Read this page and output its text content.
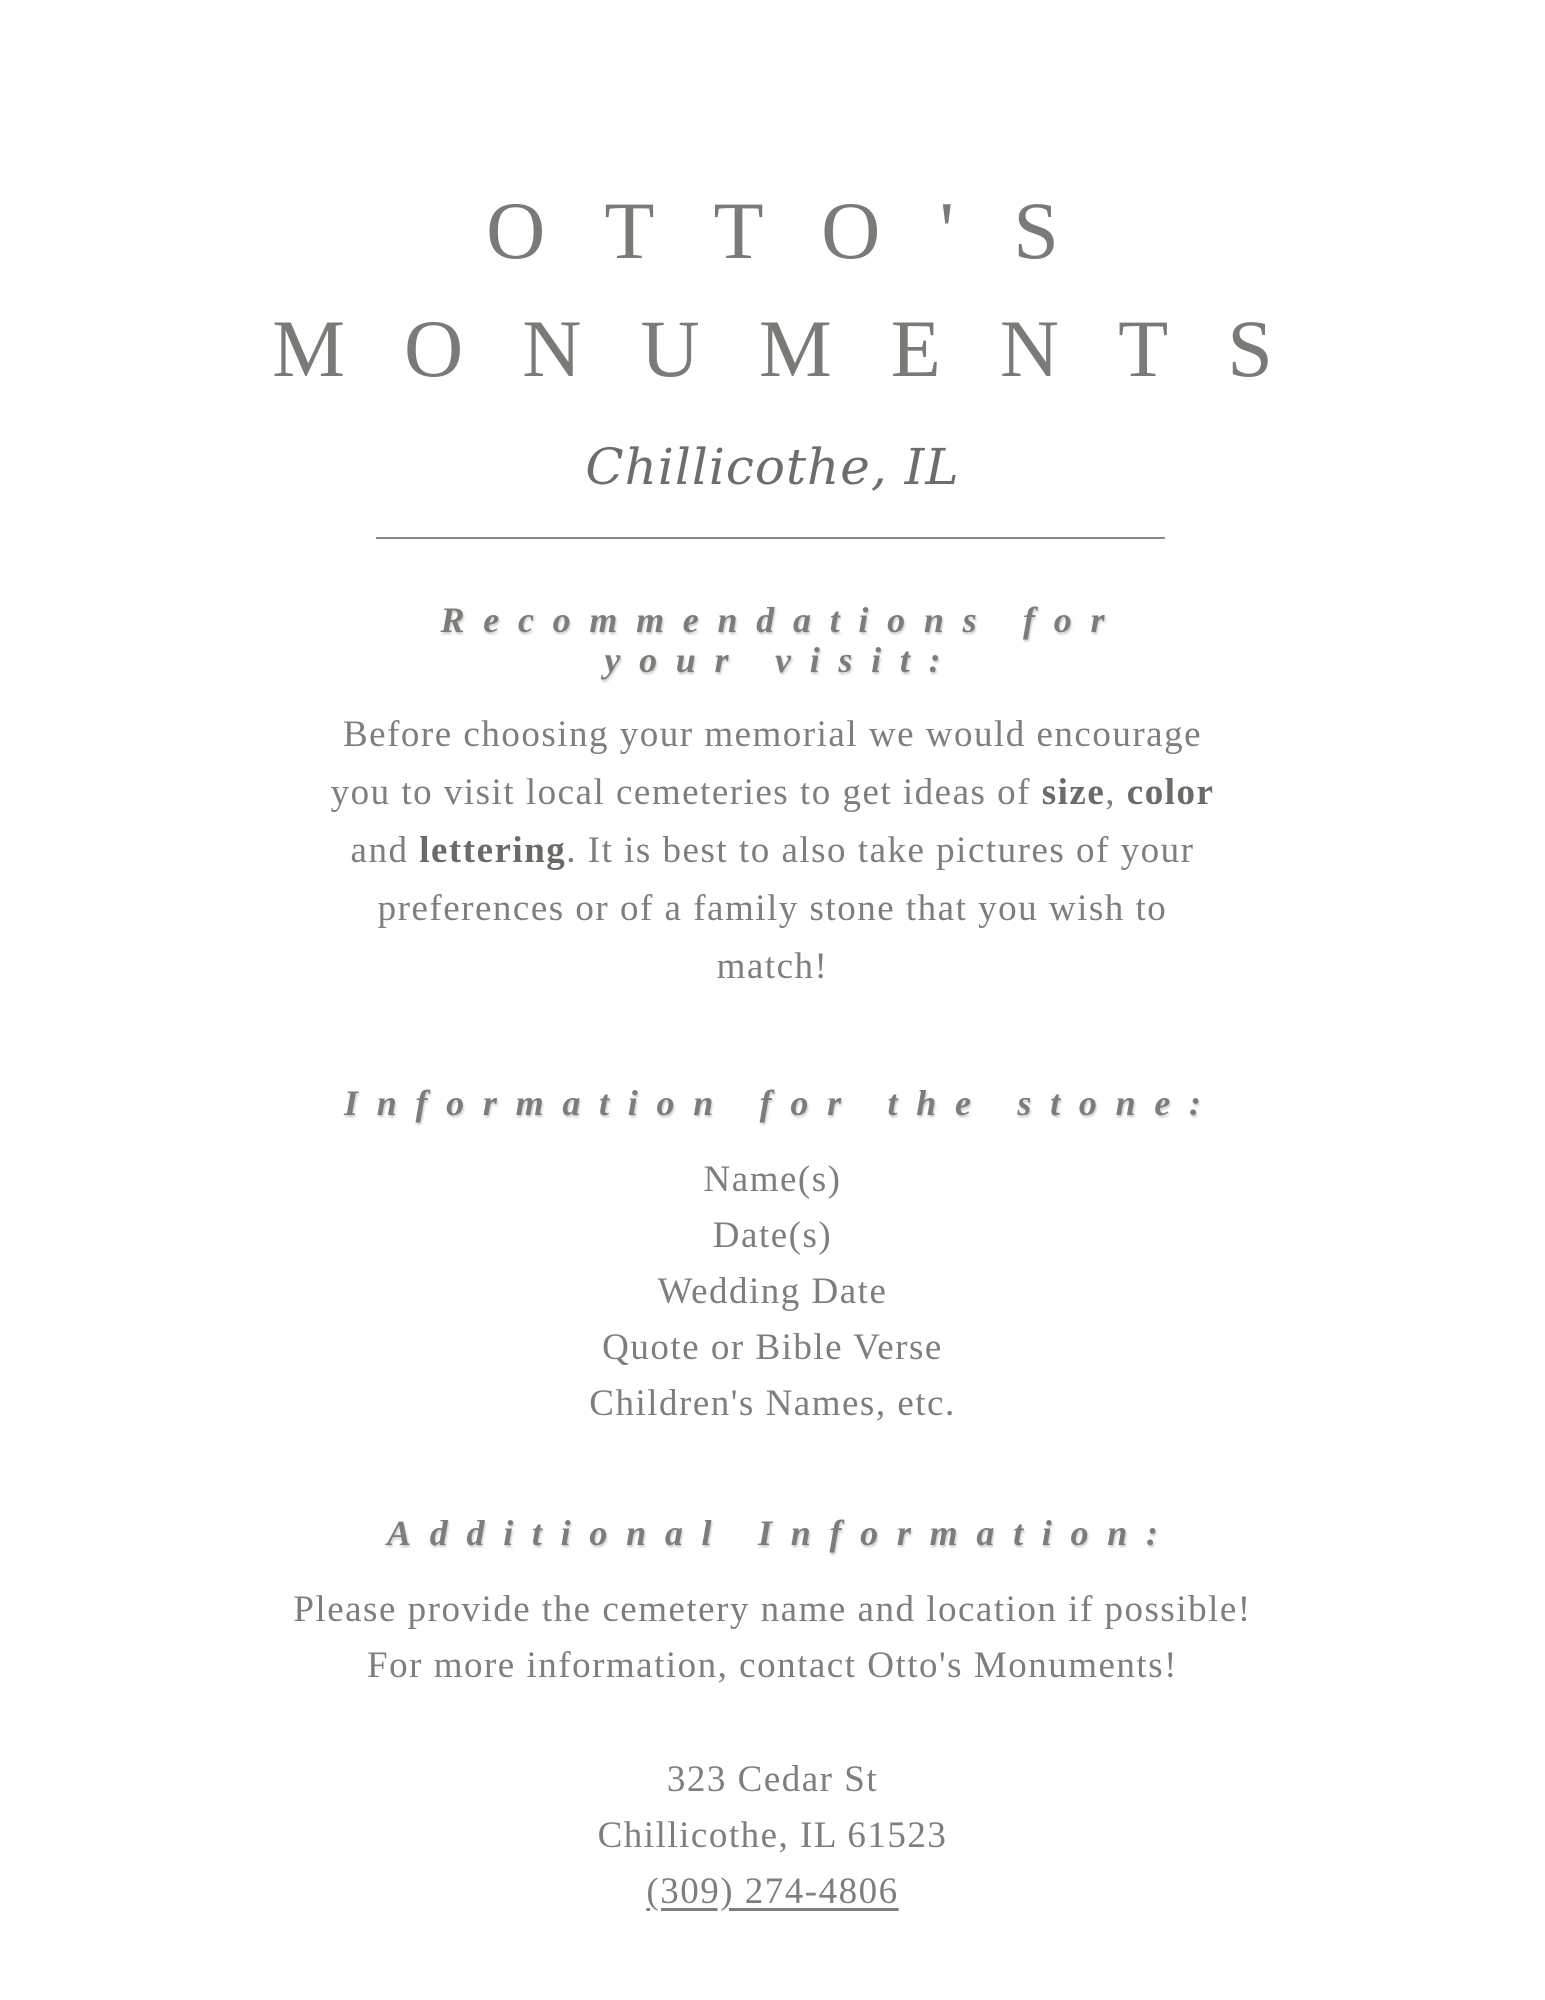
OTTO'S
MONUMENTS
Chillicothe, IL
Recommendations for
your visit:
Before choosing your memorial we would encourage
you to visit local cemeteries to get ideas of size, color
and lettering. It is best to also take pictures of your
preferences or of a family stone that you wish to
match!
Information for the stone:
Name(s)
Date(s)
Wedding Date
Quote or Bible Verse
Children's Names, etc.
Additional Information:
Please provide the cemetery name and location if possible!
For more information, contact Otto's Monuments!
323 Cedar St
Chillicothe, IL 61523
(309) 274-4806
